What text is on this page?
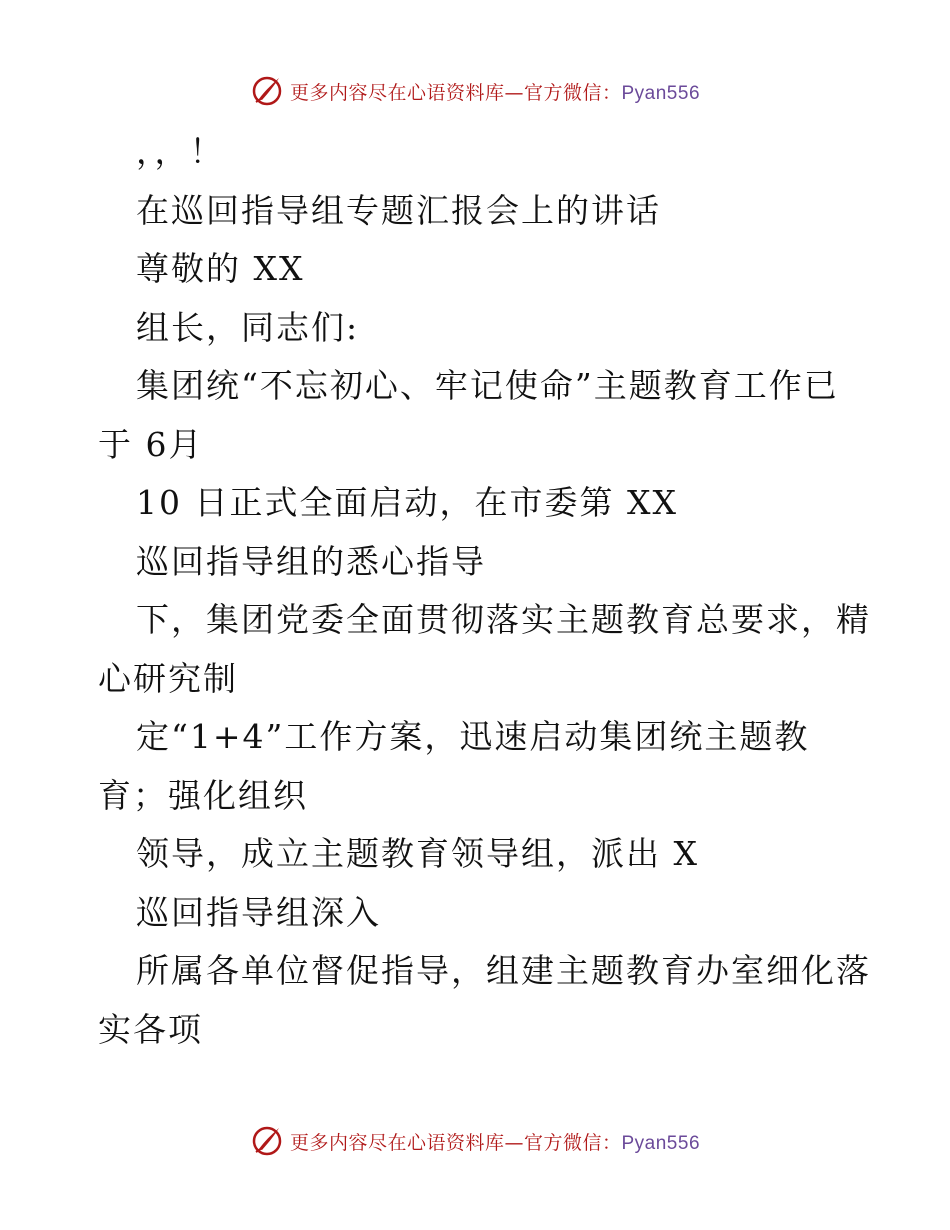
更多内容尽在心语资料库—官方微信：Pyan556
，，！
在巡回指导组专题汇报会上的讲话
尊敬的 XX
组长，同志们:
集团统“不忘初心、牢记使命”主题教育工作已
于 6月
10 日正式全面启动，在市委第 XX
巡回指导组的悉心指导
下，集团党委全面贯彻落实主题教育总要求，精
心研究制
定“1+4”工作方案，迅速启动集团统主题教
育；强化组织
领导，成立主题教育领导组，派出 X
巡回指导组深入
所属各单位督促指导，组建主题教育办室细化落
实各项
更多内容尽在心语资料库—官方微信：Pyan556
